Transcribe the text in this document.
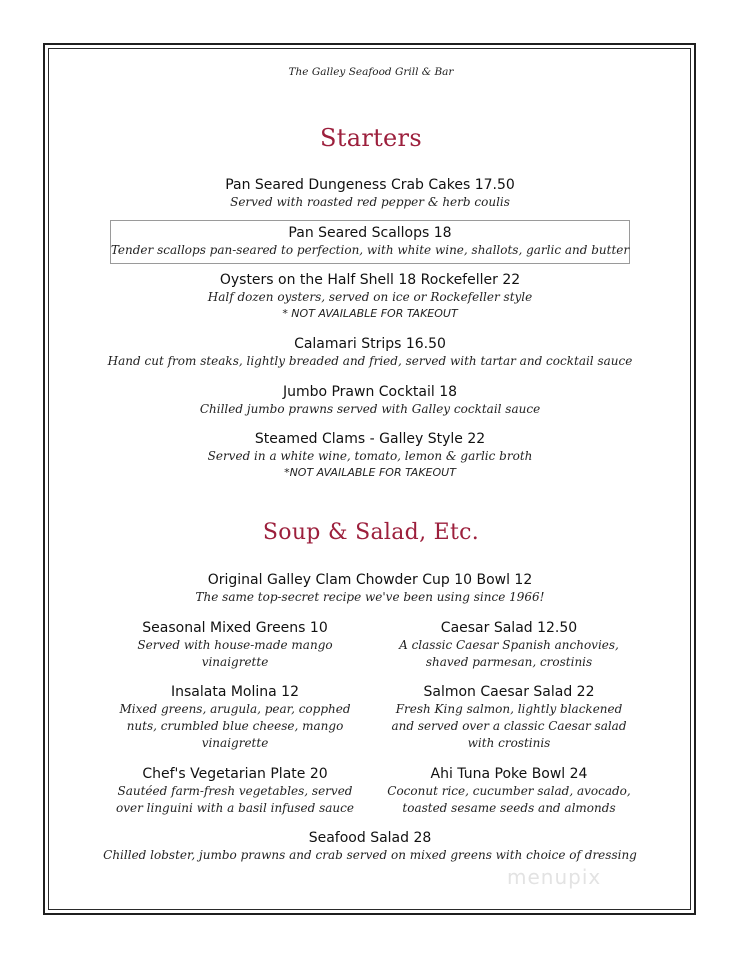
The Galley Seafood Grill & Bar
Starters
Pan Seared Dungeness Crab Cakes 17.50
Served with roasted red pepper & herb coulis
Pan Seared Scallops 18
Tender scallops pan-seared to perfection, with white wine, shallots, garlic and butter
Oysters on the Half Shell 18 Rockefeller 22
Half dozen oysters, served on ice or Rockefeller style
* NOT AVAILABLE FOR TAKEOUT
Calamari Strips 16.50
Hand cut from steaks, lightly breaded and fried, served with tartar and cocktail sauce
Jumbo Prawn Cocktail 18
Chilled jumbo prawns served with Galley cocktail sauce
Steamed Clams - Galley Style 22
Served in a white wine, tomato, lemon & garlic broth
*NOT AVAILABLE FOR TAKEOUT
Soup & Salad, Etc.
Original Galley Clam Chowder Cup 10 Bowl 12
The same top-secret recipe we've been using since 1966!
Seasonal Mixed Greens 10
Served with house-made mango
vinaigrette
Insalata Molina 12
Mixed greens, arugula, pear, copphed
nuts, crumbled blue cheese, mango
vinaigrette
Chef's Vegetarian Plate 20
Sautéed farm-fresh vegetables, served
over linguini with a basil infused sauce
Caesar Salad 12.50
A classic Caesar Spanish anchovies,
shaved parmesan, crostinis
Salmon Caesar Salad 22
Fresh King salmon, lightly blackened
and served over a classic Caesar salad
with crostinis
Ahi Tuna Poke Bowl 24
Coconut rice, cucumber salad, avocado,
toasted sesame seeds and almonds
Seafood Salad 28
Chilled lobster, jumbo prawns and crab served on mixed greens with choice of dressing
menupix
